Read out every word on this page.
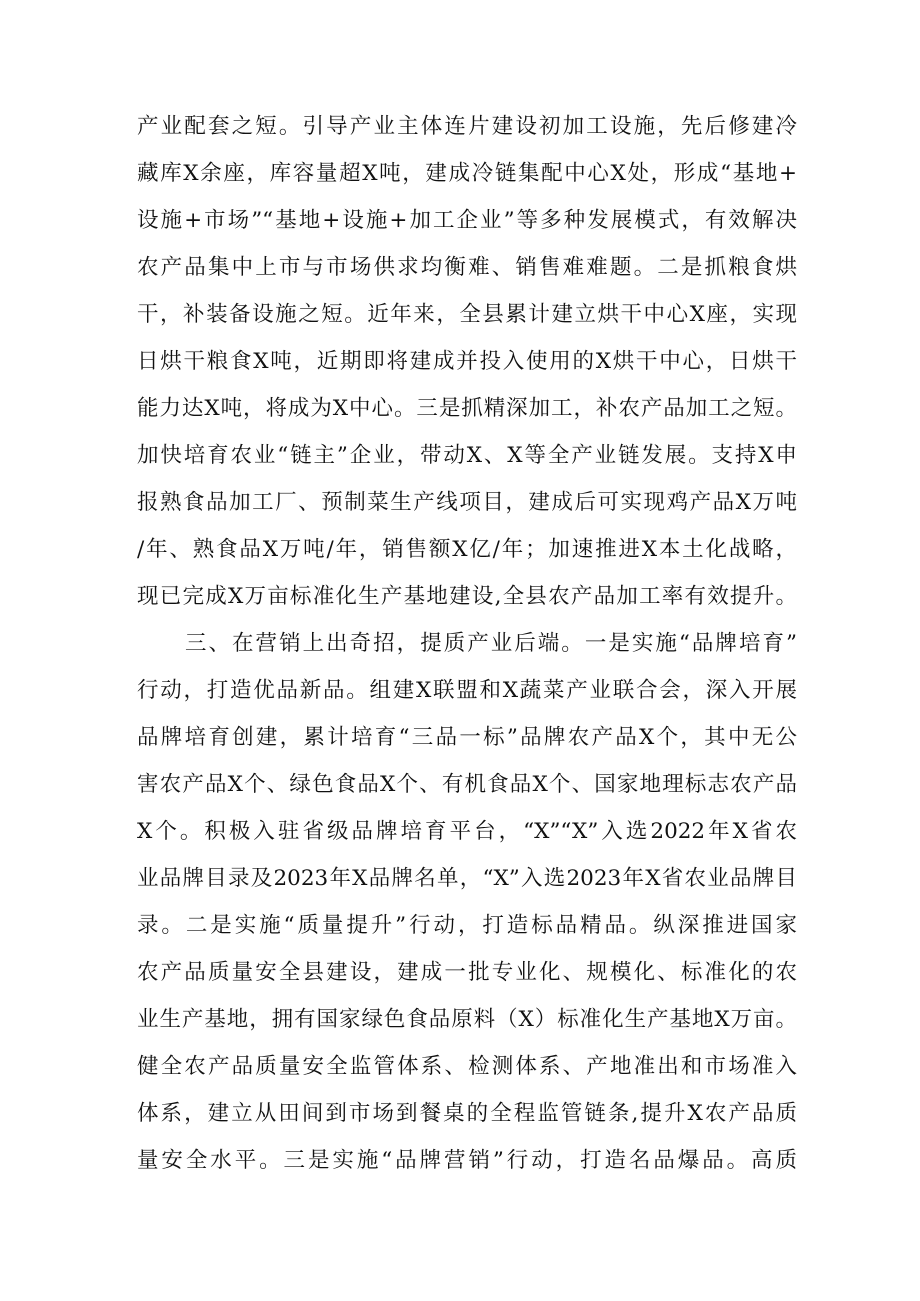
产业配套之短。引导产业主体连片建设初加工设施，先后修建冷
藏库X余座，库容量超X吨，建成冷链集配中心X处，形成“基地+
设施+市场”“基地+设施+加工企业”等多种发展模式，有效解决
农产品集中上市与市场供求均衡难、销售难难题。二是抓粮食烘
干，补装备设施之短。近年来，全县累计建立烘干中心X座，实现
日烘干粮食X吨，近期即将建成并投入使用的X烘干中心，日烘干
能力达X吨，将成为X中心。三是抓精深加工，补农产品加工之短。
加快培育农业“链主”企业，带动X、X等全产业链发展。支持X申
报熟食品加工厂、预制菜生产线项目，建成后可实现鸡产品X万吨
/年、熟食品X万吨/年，销售额X亿/年；加速推进X本土化战略，
现已完成X万亩标准化生产基地建设,全县农产品加工率有效提升。
三、在营销上出奇招，提质产业后端。一是实施“品牌培育”
行动，打造优品新品。组建X联盟和X蔬菜产业联合会，深入开展
品牌培育创建，累计培育“三品一标”品牌农产品X个，其中无公
害农产品X个、绿色食品X个、有机食品X个、国家地理标志农产品
X个。积极入驻省级品牌培育平台，“X”“X”入选2022年X省农
业品牌目录及2023年X品牌名单，“X”入选2023年X省农业品牌目
录。二是实施“质量提升”行动，打造标品精品。纵深推进国家
农产品质量安全县建设，建成一批专业化、规模化、标准化的农
业生产基地，拥有国家绿色食品原料（X）标准化生产基地X万亩。
健全农产品质量安全监管体系、检测体系、产地准出和市场准入
体系，建立从田间到市场到餐桌的全程监管链条,提升X农产品质
量安全水平。三是实施“品牌营销”行动，打造名品爆品。高质
